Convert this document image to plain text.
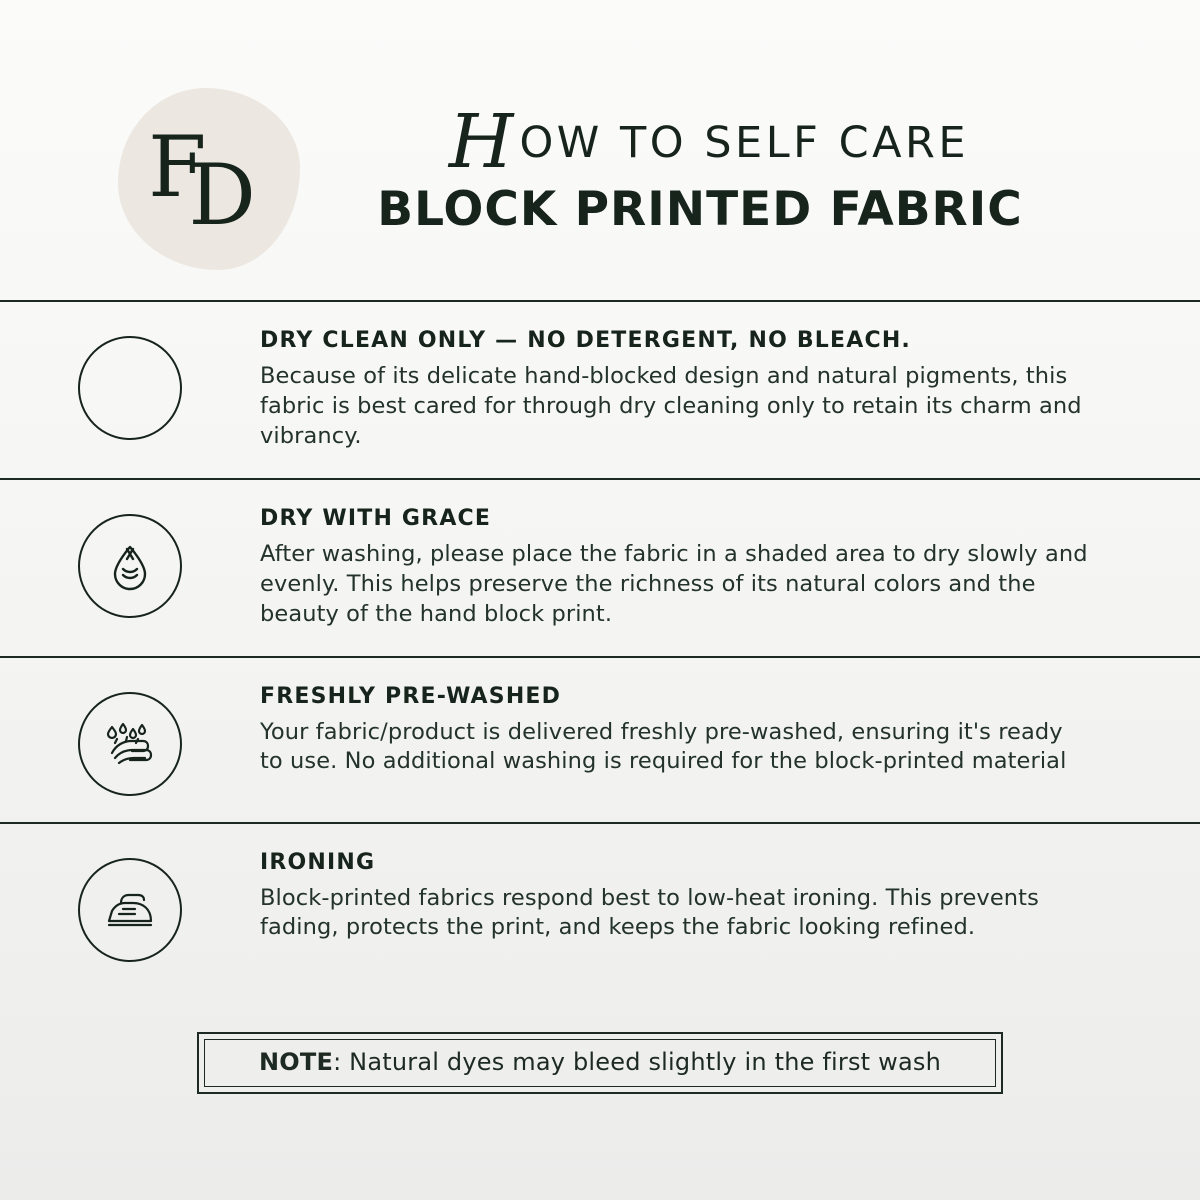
F
D
HOW TO SELF CARE
BLOCK PRINTED FABRIC
DRY CLEAN ONLY — NO DETERGENT, NO BLEACH.
Because of its delicate hand-blocked design and natural pigments, this fabric is best cared for through dry cleaning only to retain its charm and vibrancy.
DRY WITH GRACE
After washing, please place the fabric in a shaded area to dry slowly and evenly. This helps preserve the richness of its natural colors and the beauty of the hand block print.
FRESHLY PRE-WASHED
Your fabric/product is delivered freshly pre-washed, ensuring it's ready to use. No additional washing is required for the block-printed material
IRONING
Block-printed fabrics respond best to low-heat ironing. This prevents fading, protects the print, and keeps the fabric looking refined.
NOTE: Natural dyes may bleed slightly in the first wash
